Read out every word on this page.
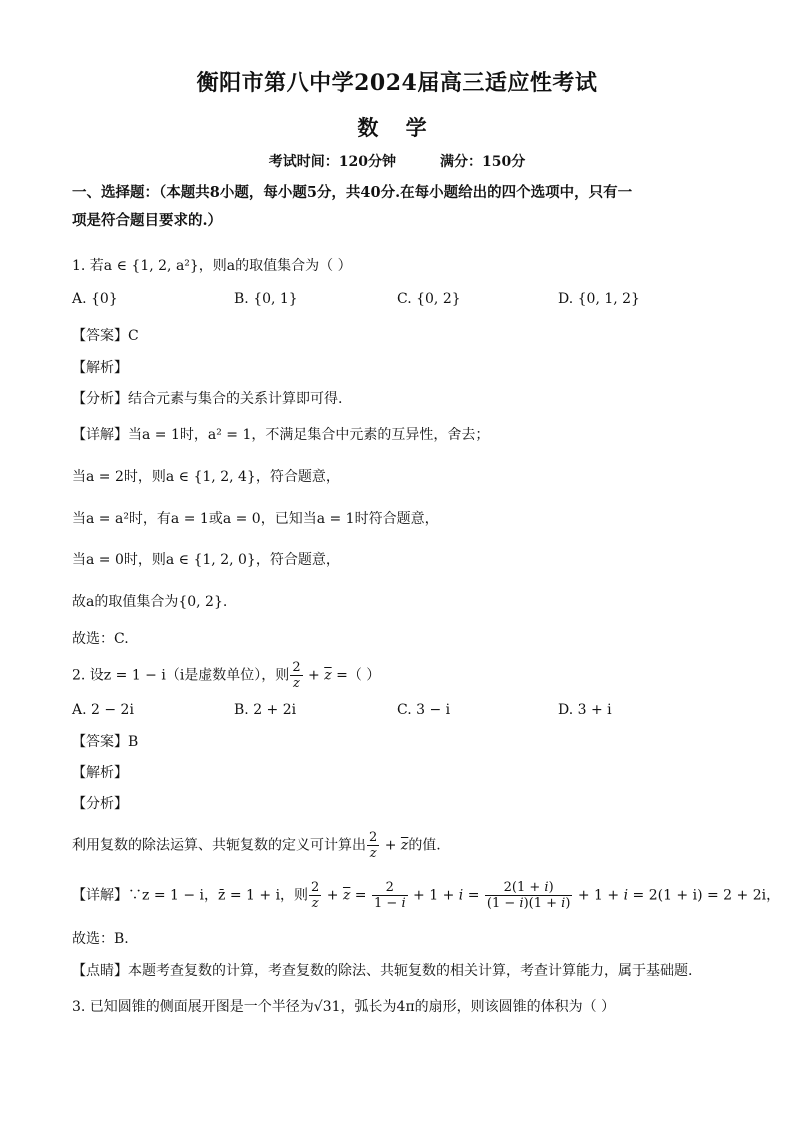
衡阳市第八中学2024届高三适应性考试
数 学
考试时间：120分钟	满分：150分
一、选择题：（本题共8小题，每小题5分，共40分.在每小题给出的四个选项中，只有一
项是符合题目要求的.）
1. 若a ∈ {1, 2, a²}，则a的取值集合为（ ）
A. {0}	B. {0, 1}	C. {0, 2}	D. {0, 1, 2}
【答案】C
【解析】
【分析】结合元素与集合的关系计算即可得.
【详解】当a = 1时，a² = 1，不满足集合中元素的互异性，舍去；
当a = 2时，则a ∈ {1, 2, 4}，符合题意，
当a = a²时，有a = 1或a = 0，已知当a = 1时符合题意，
当a = 0时，则a ∈ {1, 2, 0}，符合题意，
故a的取值集合为{0, 2}.
故选：C.
2. 设z = 1 − i（i是虚数单位），则 $\frac{2}{z} + \overline{z}$ =（ ）
A. 2 − 2i	B. 2 + 2i	C. 3 − i	D. 3 + i
【答案】B
【解析】
【分析】
利用复数的除法运算、共轭复数的定义可计算出 $\frac{2}{z} + \overline{z}$的值.
【详解】∵z = 1 − i，z̄ = 1 + i，则 $\frac{2}{z} + \overline{z} = \frac{2}{1 - i} + 1 + i = \frac{2(1 + i)}{(1 - i)(1 + i)} + 1 + i = 2(1 + i) = 2 + 2i$，
故选：B.
【点睛】本题考查复数的计算，考查复数的除法、共轭复数的相关计算，考查计算能力，属于基础题.
3. 已知圆锥的侧面展开图是一个半径为√31，弧长为4π的扇形，则该圆锥的体积为（ ）
